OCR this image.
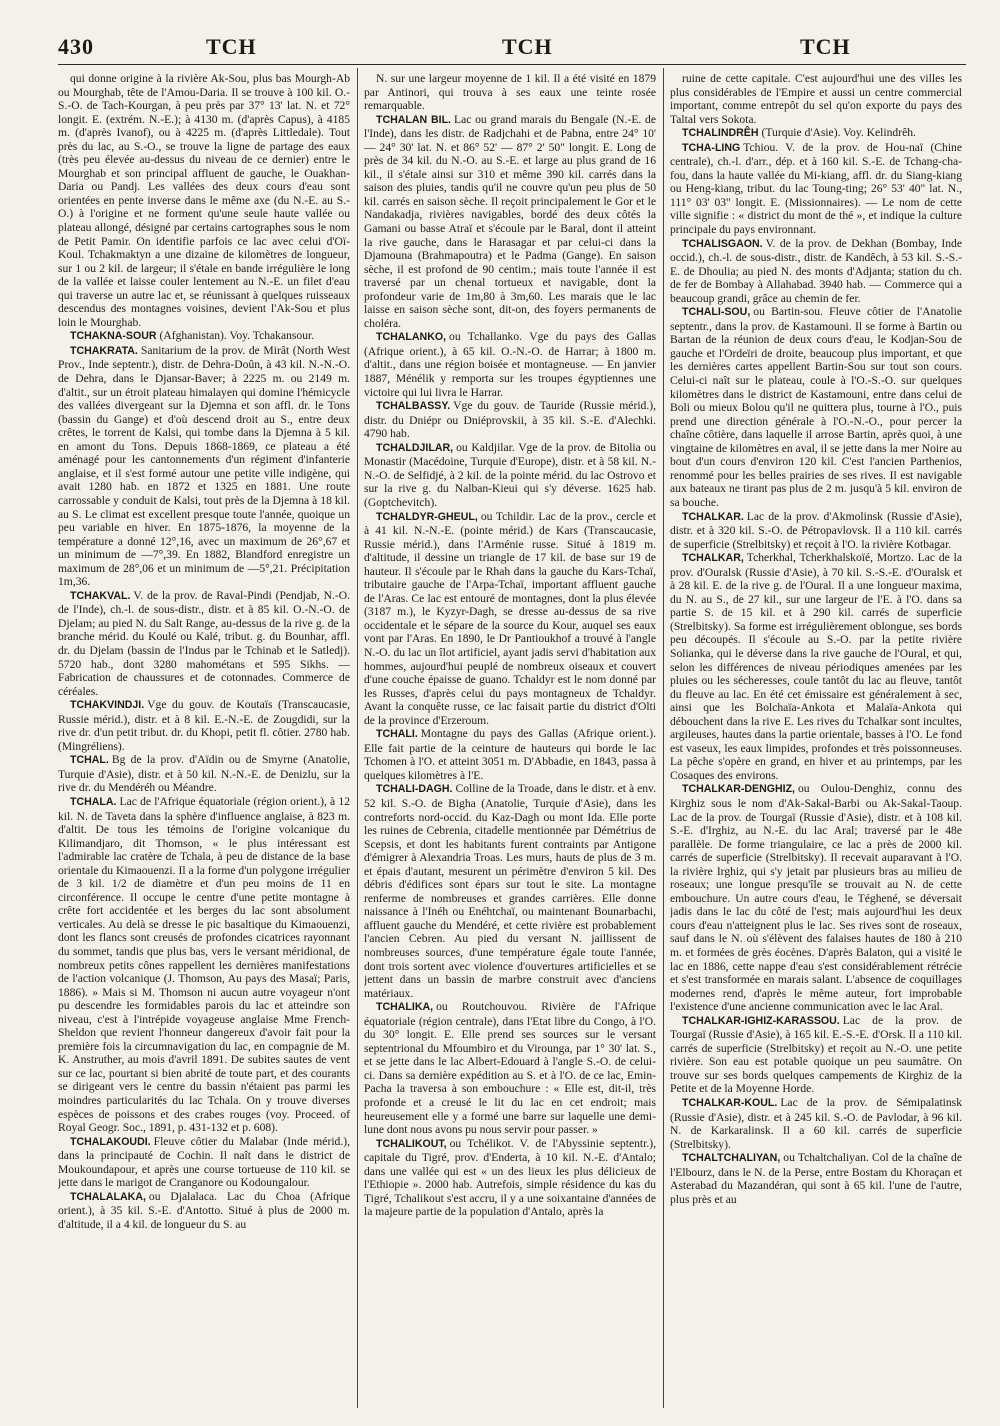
430	TCH	TCH	TCH

qui donne origine à la rivière Ak-Sou, plus bas Mourgh-Ab ou Mourghab, tête de l'Amou-Daria. Il se trouve à 100 kil. O.-S.-O. de Tach-Kourgan, à peu près par 37° 13' lat. N. et 72° longit. E. (extrém. N.-E.); à 4130 m. (d'après Capus), à 4185 m. (d'après Ivanof), ou à 4225 m. (d'après Littledale). Tout près du lac, au S.-O., se trouve la ligne de partage des eaux (très peu élevée au-dessus du niveau de ce dernier) entre le Mourghab et son principal affluent de gauche, le Ouakhan-Daria ou Pandj. Les vallées des deux cours d'eau sont orientées en pente inverse dans le même axe (du N.-E. au S.-O.) à l'origine et ne forment qu'une seule haute vallée ou plateau allongé, désigné par certains cartographes sous le nom de Petit Pamir. On identifie parfois ce lac avec celui d'Oï-Koul. Tchakmaktyn a une dizaine de kilomètres de longueur, sur 1 ou 2 kil. de largeur; il s'étale en bande irrégulière le long de la vallée et laisse couler lentement au N.-E. un filet d'eau qui traverse un autre lac et, se réunissant à quelques ruisseaux descendus des montagnes voisines, devient l'Ak-Sou et plus loin le Mourghab.

TCHAKNA-SOUR (Afghanistan). Voy. Tchakansour.

TCHAKRATA. Sanitarium de la prov. de Mirât (North West Prov., Inde septentr.), distr. de Dehra-Doûn, à 43 kil. N.-N.-O. de Dehra, dans le Djansar-Baver; à 2225 m. ou 2149 m. d'altit., sur un étroit plateau himalayen qui domine l'hémicycle des vallées divergeant sur la Djemna et son affl. dr. le Tons (bassin du Gange) et d'où descend droit au S., entre deux crêtes, le torrent de Kalsi, qui tombe dans la Djemna à 5 kil. en amont du Tons. Depuis 1868-1869, ce plateau a été aménagé pour les cantonnements d'un régiment d'infanterie anglaise, et il s'est formé autour une petite ville indigène, qui avait 1280 hab. en 1872 et 1325 en 1881. Une route carrossable y conduit de Kalsi, tout près de la Djemna à 18 kil. au S. Le climat est excellent presque toute l'année, quoique un peu variable en hiver. En 1875-1876, la moyenne de la température a donné 12°,16, avec un maximum de 26°,67 et un minimum de —7°,39. En 1882, Blandford enregistre un maximum de 28°,06 et un minimum de —5°,21. Précipitation 1m,36.

TCHAKVAL. V. de la prov. de Raval-Pindi (Pendjab, N.-O. de l'Inde), ch.-l. de sous-distr., distr. et à 85 kil. O.-N.-O. de Djelam; au pied N. du Salt Range, au-dessus de la rive g. de la branche mérid. du Koulé ou Kalé, tribut. g. du Bounhar, affl. dr. du Djelam (bassin de l'Indus par le Tchinab et le Satledj). 5720 hab., dont 3280 mahométans et 595 Sikhs. — Fabrication de chaussures et de cotonnades. Commerce de céréales.

TCHAKVINDJI. Vge du gouv. de Koutaïs (Transcaucasie, Russie mérid.), distr. et à 8 kil. E.-N.-E. de Zougdidi, sur la rive dr. d'un petit tribut. dr. du Khopi, petit fl. côtier. 2780 hab. (Mingréliens).

TCHAL. Bg de la prov. d'Aïdin ou de Smyrne (Anatolie, Turquie d'Asie), distr. et à 50 kil. N.-N.-E. de Denizlu, sur la rive dr. du Mendéréh ou Méandre.

TCHALA. Lac de l'Afrique équatoriale (région orient.), à 12 kil. N. de Taveta dans la sphère d'influence anglaise, à 823 m. d'altit. De tous les témoins de l'origine volcanique du Kilimandjaro, dit Thomson, « le plus intéressant est l'admirable lac cratère de Tchala, à peu de distance de la base orientale du Kimaouenzi. Il a la forme d'un polygone irrégulier de 3 kil. 1/2 de diamètre et d'un peu moins de 11 en circonférence. Il occupe le centre d'une petite montagne à crête fort accidentée et les berges du lac sont absolument verticales. Au delà se dresse le pic basaltique du Kimaouenzi, dont les flancs sont creusés de profondes cicatrices rayonnant du sommet, tandis que plus bas, vers le versant méridional, de nombreux petits cônes rappellent les dernières manifestations de l'action volcanique (J. Thomson, Au pays des Masaï; Paris, 1886). » Mais si M. Thomson ni aucun autre voyageur n'ont pu descendre les formidables parois du lac et atteindre son niveau, c'est à l'intrépide voyageuse anglaise Mme French-Sheldon que revient l'honneur dangereux d'avoir fait pour la première fois la circumnavigation du lac, en compagnie de M. K. Anstruther, au mois d'avril 1891. De subites sautes de vent sur ce lac, pourtant si bien abrité de toute part, et des courants se dirigeant vers le centre du bassin n'étaient pas parmi les moindres particularités du lac Tchala. On y trouve diverses espèces de poissons et des crabes rouges (voy. Proceed. of Royal Geogr. Soc., 1891, p. 431-132 et p. 608).

TCHALAKOUDI. Fleuve côtier du Malabar (Inde mérid.), dans la principauté de Cochin. Il naît dans le district de Moukoundapour, et après une course tortueuse de 110 kil. se jette dans le marigot de Cranganore ou Kodoungalour.

TCHALALAKA, ou Djalalaca. Lac du Choa (Afrique orient.), à 35 kil. S.-E. d'Antotto. Situé à plus de 2000 m. d'altitude, il a 4 kil. de longueur du S. au

N. sur une largeur moyenne de 1 kil. Il a été visité en 1879 par Antinori, qui trouva à ses eaux une teinte rosée remarquable.

TCHALAN BIL. Lac ou grand marais du Bengale (N.-E. de l'Inde), dans les distr. de Radjchahi et de Pabna, entre 24° 10' — 24° 30' lat. N. et 86° 52' — 87° 2' 50" longit. E. Long de près de 34 kil. du N.-O. au S.-E. et large au plus grand de 16 kil., il s'étale ainsi sur 310 et même 390 kil. carrés dans la saison des pluies, tandis qu'il ne couvre qu'un peu plus de 50 kil. carrés en saison sèche. Il reçoit principalement le Gor et le Nandakadja, rivières navigables, bordé des deux côtés la Gamani ou basse Atraï et s'écoule par le Baral, dont il atteint la rive gauche, dans le Harasagar et par celui-ci dans la Djamouna (Brahmapoutra) et le Padma (Gange). En saison sèche, il est profond de 90 centim.; mais toute l'année il est traversé par un chenal tortueux et navigable, dont la profondeur varie de 1m,80 à 3m,60. Les marais que le lac laisse en saison sèche sont, dit-on, des foyers permanents de choléra.

TCHALANKO, ou Tchallanko. Vge du pays des Gallas (Afrique orient.), à 65 kil. O.-N.-O. de Harrar; à 1800 m. d'altit., dans une région boisée et montagneuse. — En janvier 1887, Ménélik y remporta sur les troupes égyptiennes une victoire qui lui livra le Harrar.

TCHALBASSY. Vge du gouv. de Tauride (Russie mérid.), distr. du Dniépr ou Dniéprovskii, à 35 kil. S.-E. d'Alechki. 4790 hab.

TCHALDJILAR, ou Kaldjilar. Vge de la prov. de Bitolia ou Monastir (Macédoine, Turquie d'Europe), distr. et à 58 kil. N.-N.-O. de Selfidjé, à 2 kil. de la pointe mérid. du lac Ostrovo et sur la rive g. du Nalban-Kieui qui s'y déverse. 1625 hab. (Goptchevitch).

TCHALDYR-GHEUL, ou Tchildir. Lac de la prov., cercle et à 41 kil. N.-N.-E. (pointe mérid.) de Kars (Transcaucasie, Russie mérid.), dans l'Arménie russe. Situé à 1819 m. d'altitude, il dessine un triangle de 17 kil. de base sur 19 de hauteur. Il s'écoule par le Rhah dans la gauche du Kars-Tchaï, tributaire gauche de l'Arpa-Tchaï, important affluent gauche de l'Aras. Ce lac est entouré de montagnes, dont la plus élevée (3187 m.), le Kyzyr-Dagh, se dresse au-dessus de sa rive occidentale et le sépare de la source du Kour, auquel ses eaux vont par l'Aras. En 1890, le Dr Pantioukhof a trouvé à l'angle N.-O. du lac un îlot artificiel, ayant jadis servi d'habitation aux hommes, aujourd'hui peuplé de nombreux oiseaux et couvert d'une couche épaisse de guano. Tchaldyr est le nom donné par les Russes, d'après celui du pays montagneux de Tchaldyr. Avant la conquête russe, ce lac faisait partie du district d'Olti de la province d'Erzeroum.

TCHALI. Montagne du pays des Gallas (Afrique orient.). Elle fait partie de la ceinture de hauteurs qui borde le lac Tchomen à l'O. et atteint 3051 m. D'Abbadie, en 1843, passa à quelques kilomètres à l'E.

TCHALI-DAGH. Colline de la Troade, dans le distr. et à env. 52 kil. S.-O. de Bigha (Anatolie, Turquie d'Asie), dans les contreforts nord-occid. du Kaz-Dagh ou mont Ida. Elle porte les ruines de Cebrenia, citadelle mentionnée par Démétrius de Scepsis, et dont les habitants furent contraints par Antigone d'émigrer à Alexandria Troas. Les murs, hauts de plus de 3 m. et épais d'autant, mesurent un périmètre d'environ 5 kil. Des débris d'édifices sont épars sur tout le site. La montagne renferme de nombreuses et grandes carrières. Elle donne naissance à l'Inéh ou Enéhtchaï, ou maintenant Bounarbachi, affluent gauche du Mendéré, et cette rivière est probablement l'ancien Cebren. Au pied du versant N. jaillissent de nombreuses sources, d'une température égale toute l'année, dont trois sortent avec violence d'ouvertures artificielles et se jettent dans un bassin de marbre construit avec d'anciens matériaux.

TCHALIKA, ou Routchouvou. Rivière de l'Afrique équatoriale (région centrale), dans l'Etat libre du Congo, à l'O. du 30° longit. E. Elle prend ses sources sur le versant septentrional du Mfoumbiro et du Virounga, par 1° 30' lat. S., et se jette dans le lac Albert-Edouard à l'angle S.-O. de celui-ci. Dans sa dernière expédition au S. et à l'O. de ce lac, Emin-Pacha la traversa à son embouchure : « Elle est, dit-il, très profonde et a creusé le lit du lac en cet endroit; mais heureusement elle y a formé une barre sur laquelle une demi-lune dont nous avons pu nous servir pour passer. »

TCHALIKOUT, ou Tchélikot. V. de l'Abyssinie septentr.), capitale du Tigré, prov. d'Enderta, à 10 kil. N.-E. d'Antalo; dans une vallée qui est « un des lieux les plus délicieux de l'Ethiopie ». 2000 hab. Autrefois, simple résidence du kas du Tigré, Tchalikout s'est accru, il y a une soixantaine d'années de la majeure partie de la population d'Antalo, après la

ruine de cette capitale. C'est aujourd'hui une des villes les plus considérables de l'Empire et aussi un centre commercial important, comme entrepôt du sel qu'on exporte du pays des Taltal vers Sokota.

TCHALINDRÊH (Turquie d'Asie). Voy. Kelindrêh.

TCHA-LING Tchiou. V. de la prov. de Hou-naï (Chine centrale), ch.-l. d'arr., dép. et à 160 kil. S.-E. de Tchang-cha-fou, dans la haute vallée du Mi-kiang, affl. dr. du Siang-kiang ou Heng-kiang, tribut. du lac Toung-ting; 26° 53' 40" lat. N., 111° 03' 03" longit. E. (Missionnaires). — Le nom de cette ville signifie : « district du mont de thé », et indique la culture principale du pays environnant.

TCHALISGAON. V. de la prov. de Dekhan (Bombay, Inde occid.), ch.-l. de sous-distr., distr. de Kandêch, à 53 kil. S.-S.-E. de Dhoulia; au pied N. des monts d'Adjanta; station du ch. de fer de Bombay à Allahabad. 3940 hab. — Commerce qui a beaucoup grandi, grâce au chemin de fer.

TCHALI-SOU, ou Bartin-sou. Fleuve côtier de l'Anatolie septentr., dans la prov. de Kastamouni. Il se forme à Bartin ou Bartan de la réunion de deux cours d'eau, le Kodjan-Sou de gauche et l'Ordeïri de droite, beaucoup plus important, et que les dernières cartes appellent Bartin-Sou sur tout son cours. Celui-ci naît sur le plateau, coule à l'O.-S.-O. sur quelques kilomètres dans le district de Kastamouni, entre dans celui de Boli ou mieux Bolou qu'il ne quittera plus, tourne à l'O., puis prend une direction générale à l'O.-N.-O., pour percer la chaîne côtière, dans laquelle il arrose Bartin, après quoi, à une vingtaine de kilomètres en aval, il se jette dans la mer Noire au bout d'un cours d'environ 120 kil. C'est l'ancien Parthenios, renommé pour les belles prairies de ses rives. Il est navigable aux bateaux ne tirant pas plus de 2 m. jusqu'à 5 kil. environ de sa bouche.

TCHALKAR. Lac de la prov. d'Akmolinsk (Russie d'Asie), distr. et à 320 kil. S.-O. de Pétropavlovsk. Il a 110 kil. carrés de superficie (Strelbitsky) et reçoit à l'O. la rivière Kotbagar.

TCHALKAR, Tcherkhal, Tcherkhalskoïé, Mortzo. Lac de la prov. d'Ouralsk (Russie d'Asie), à 70 kil. S.-S.-E. d'Ouralsk et à 28 kil. E. de la rive g. de l'Oural. Il a une longueur maxima, du N. au S., de 27 kil., sur une largeur de l'E. à l'O. dans sa partie S. de 15 kil. et à 290 kil. carrés de superficie (Strelbitsky). Sa forme est irrégulièrement oblongue, ses bords peu découpés. Il s'écoule au S.-O. par la petite rivière Solianka, qui le déverse dans la rive gauche de l'Oural, et qui, selon les différences de niveau périodiques amenées par les pluies ou les sécheresses, coule tantôt du lac au fleuve, tantôt du fleuve au lac. En été cet émissaire est généralement à sec, ainsi que les Bolchaïa-Ankota et Malaïa-Ankota qui débouchent dans la rive E. Les rives du Tchalkar sont incultes, argileuses, hautes dans la partie orientale, basses à l'O. Le fond est vaseux, les eaux limpides, profondes et très poissonneuses. La pêche s'opère en grand, en hiver et au printemps, par les Cosaques des environs.

TCHALKAR-DENGHIZ, ou Oulou-Denghiz, connu des Kirghiz sous le nom d'Ak-Sakal-Barbi ou Ak-Sakal-Taoup. Lac de la prov. de Tourgaï (Russie d'Asie), distr. et à 108 kil. S.-E. d'Irghiz, au N.-E. du lac Aral; traversé par le 48e parallèle. De forme triangulaire, ce lac a près de 2000 kil. carrés de superficie (Strelbitsky). Il recevait auparavant à l'O. la rivière Irghiz, qui s'y jetait par plusieurs bras au milieu de roseaux; une longue presqu'île se trouvait au N. de cette embouchure. Un autre cours d'eau, le Téghené, se déversait jadis dans le lac du côté de l'est; mais aujourd'hui les deux cours d'eau n'atteignent plus le lac. Ses rives sont de roseaux, sauf dans le N. où s'élèvent des falaises hautes de 180 à 210 m. et formées de grès éocènes. D'après Balaton, qui a visité le lac en 1886, cette nappe d'eau s'est considérablement rétrécie et s'est transformée en marais salant. L'absence de coquillages modernes rend, d'après le même auteur, fort improbable l'existence d'une ancienne communication avec le lac Aral.

TCHALKAR-IGHIZ-KARASSOU. Lac de la prov. de Tourgaï (Russie d'Asie), à 165 kil. E.-S.-E. d'Orsk. Il a 110 kil. carrés de superficie (Strelbitsky) et reçoit au N.-O. une petite rivière. Son eau est potable quoique un peu saumâtre. On trouve sur ses bords quelques campements de Kirghiz de la Petite et de la Moyenne Horde.

TCHALKAR-KOUL. Lac de la prov. de Sémipalatinsk (Russie d'Asie), distr. et à 245 kil. S.-O. de Pavlodar, à 96 kil. N. de Karkaralinsk. Il a 60 kil. carrés de superficie (Strelbitsky).

TCHALTCHALIYAN, ou Tchaltchaliyan. Col de la chaîne de l'Elbourz, dans le N. de la Perse, entre Bostam du Khoraçan et Asterabad du Mazandéran, qui sont à 65 kil. l'une de l'autre, plus près et au
